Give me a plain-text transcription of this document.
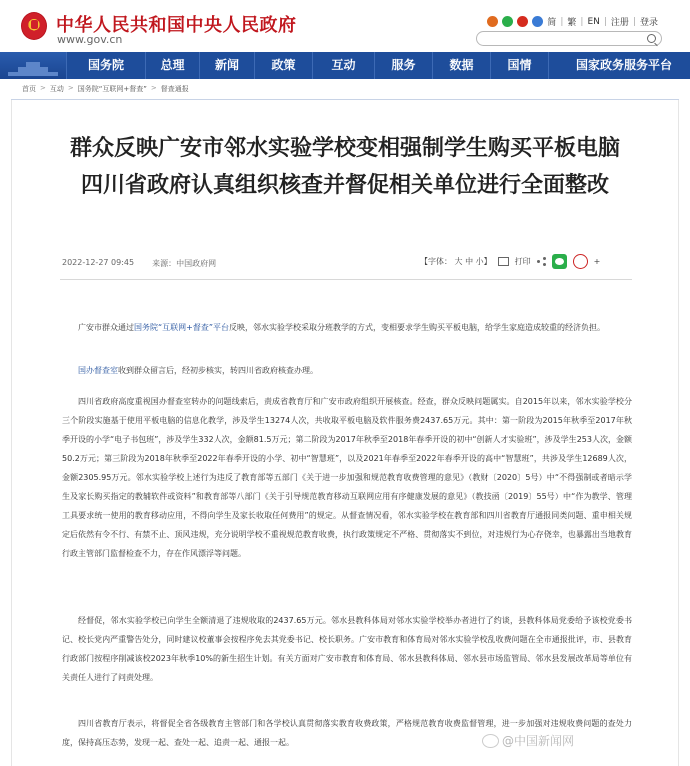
中华人民共和国中央人民政府
www.gov.cn
简 | 繁 | EN | 注册 | 登录
国务院	总理	新闻	政策	互动	服务	数据	国情	国家政务服务平台
首页 > 互动 > 国务院“互联网+督查” > 督查通报
群众反映广安市邻水实验学校变相强制学生购买平板电脑 四川省政府认真组织核查并督促相关单位进行全面整改
2022-12-27 09:45 来源：中国政府网	【字体： 大 中 小】	打印	+
广安市群众通过国务院“互联网+督查”平台反映，邻水实验学校采取分班教学的方式，变相要求学生购买平板电脑，给学生家庭造成较重的经济负担。
国办督查室收到群众留言后，经初步核实，转四川省政府核查办理。
四川省政府高度重视国办督查室转办的问题线索后，责成省教育厅和广安市政府组织开展核查。经查，群众反映问题属实。自2015年以来，邻水实验学校分三个阶段实施基于使用平板电脑的信息化教学，涉及学生13274人次，共收取平板电脑及软件服务费2437.65万元。其中：第一阶段为2015年秋季至2017年秋季开设的小学“电子书包班”，涉及学生332人次，金额81.5万元；第二阶段为2017年秋季至2018年春季开设的初中“创新人才实验班”，涉及学生253人次，金额50.2万元；第三阶段为2018年秋季至2022年春季开设的小学、初中“智慧班”，以及2021年春季至2022年春季开设的高中“智慧班”，共涉及学生12689人次，金额2305.95万元。邻水实验学校上述行为违反了教育部等五部门《关于进一步加强和规范教育收费管理的意见》（教财〔2020〕5号）中“不得强制或者暗示学生及家长购买指定的教辅软件或资料”和教育部等八部门《关于引导规范教育移动互联网应用有序健康发展的意见》（教技函〔2019〕55号）中“作为教学、管理工具要求统一使用的教育移动应用，不得向学生及家长收取任何费用”的规定。从督查情况看，邻水实验学校在教育部和四川省教育厅通报同类问题、重申相关规定后依然有令不行、有禁不止、顶风违规，充分说明学校不重视规范教育收费，执行政策规定不严格、贯彻落实不到位，对违规行为心存侥幸，也暴露出当地教育行政主管部门监督检查不力，存在作风漂浮等问题。
经督促，邻水实验学校已向学生全额清退了违规收取的2437.65万元。邻水县教科体局对邻水实验学校举办者进行了约谈，县教科体局党委给予该校党委书记、校长党内严重警告处分，同时建议校董事会按程序免去其党委书记、校长职务。广安市教育和体育局对邻水实验学校乱收费问题在全市通报批评，市、县教育行政部门按程序削减该校2023年秋季10%的新生招生计划。有关方面对广安市教育和体育局、邻水县教科体局、邻水县市场监管局、邻水县发展改革局等单位有关责任人进行了问责处理。
四川省教育厅表示，将督促全省各级教育主管部门和各学校认真贯彻落实教育收费政策，严格规范教育收费监督管理，进一步加强对违规收费问题的查处力度，保持高压态势，发现一起、查处一起、追责一起、通报一起。	@中国新闻网
